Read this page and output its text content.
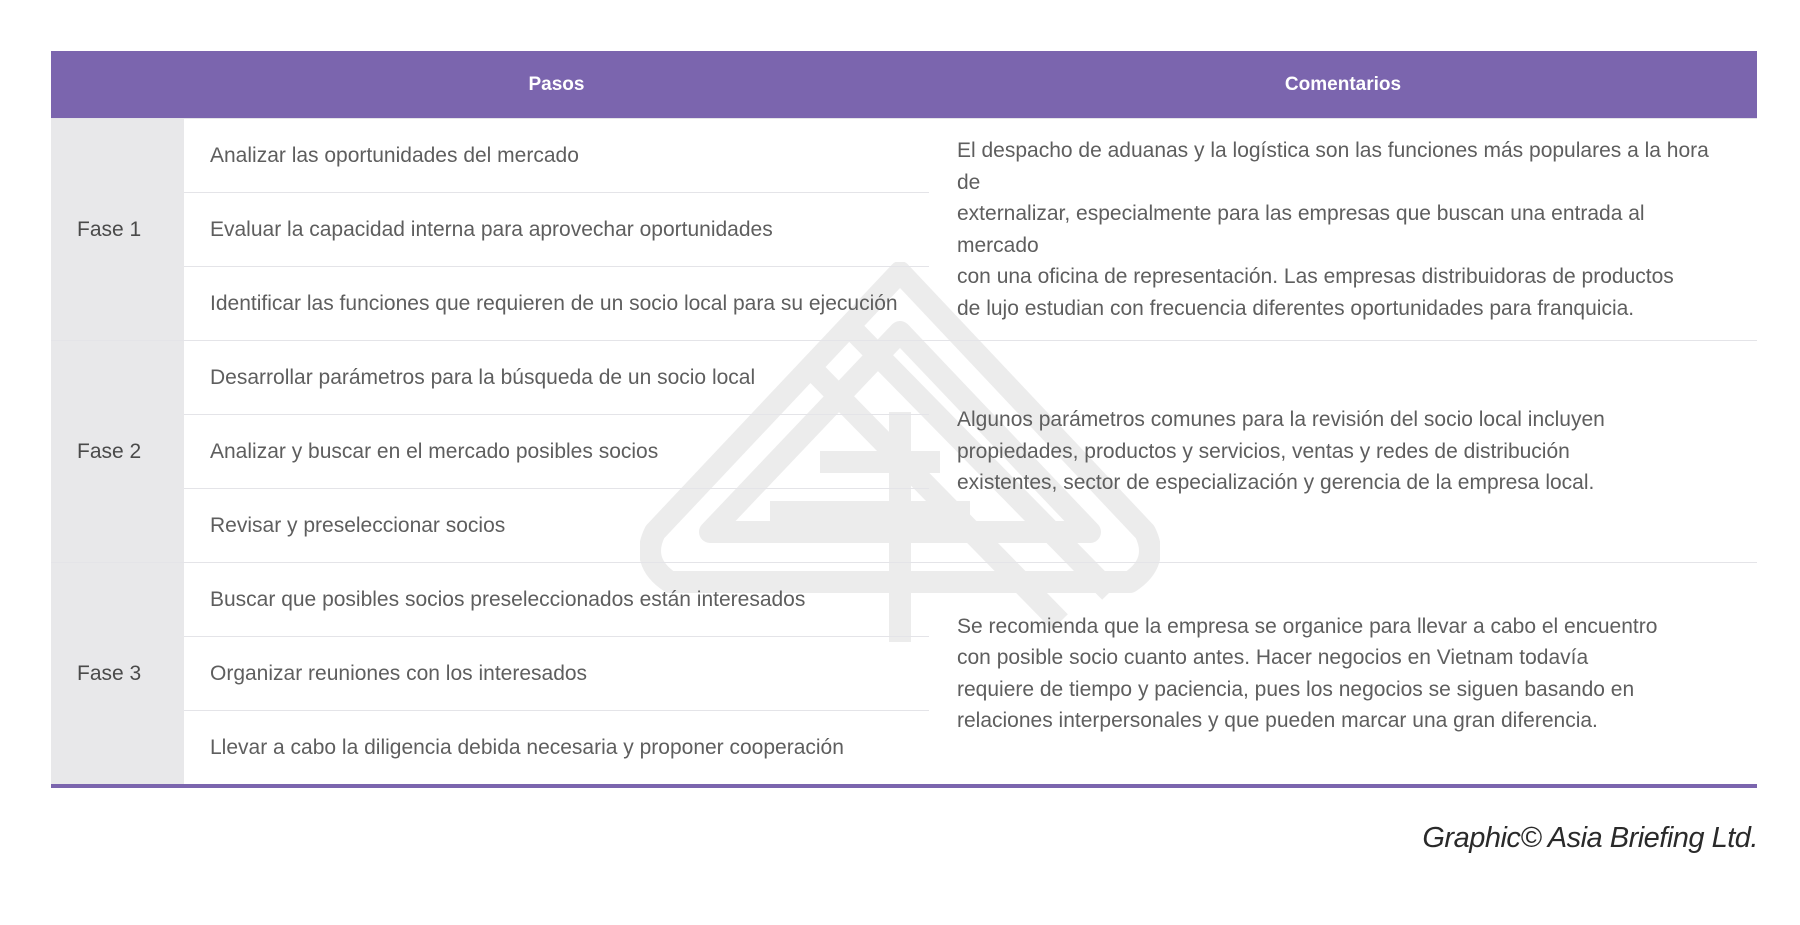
Pasos	Comentarios
Fase 1
Analizar las oportunidades del mercado
Evaluar la capacidad interna para aprovechar oportunidades
Identificar las funciones que requieren de un socio local para su ejecución
El despacho de aduanas y la logística son las funciones más populares a la hora de
externalizar, especialmente para las empresas que buscan una entrada al mercado
con una oficina de representación. Las empresas distribuidoras de productos
de lujo estudian con frecuencia diferentes oportunidades para franquicia.
Fase 2
Desarrollar parámetros para la búsqueda de un socio local
Analizar y buscar en el mercado posibles socios
Revisar y preseleccionar socios
Algunos parámetros comunes para la revisión del socio local incluyen
propiedades, productos y servicios, ventas y redes de distribución
existentes, sector de especialización y gerencia de la empresa local.
Fase 3
Buscar que posibles socios preseleccionados están interesados
Organizar reuniones con los interesados
Llevar a cabo la diligencia debida necesaria y proponer cooperación
Se recomienda que la empresa se organice para llevar a cabo el encuentro
con posible socio cuanto antes. Hacer negocios en Vietnam todavía
requiere de tiempo y paciencia, pues los negocios se siguen basando en
relaciones interpersonales y que pueden marcar una gran diferencia.
Graphic© Asia Briefing Ltd.
